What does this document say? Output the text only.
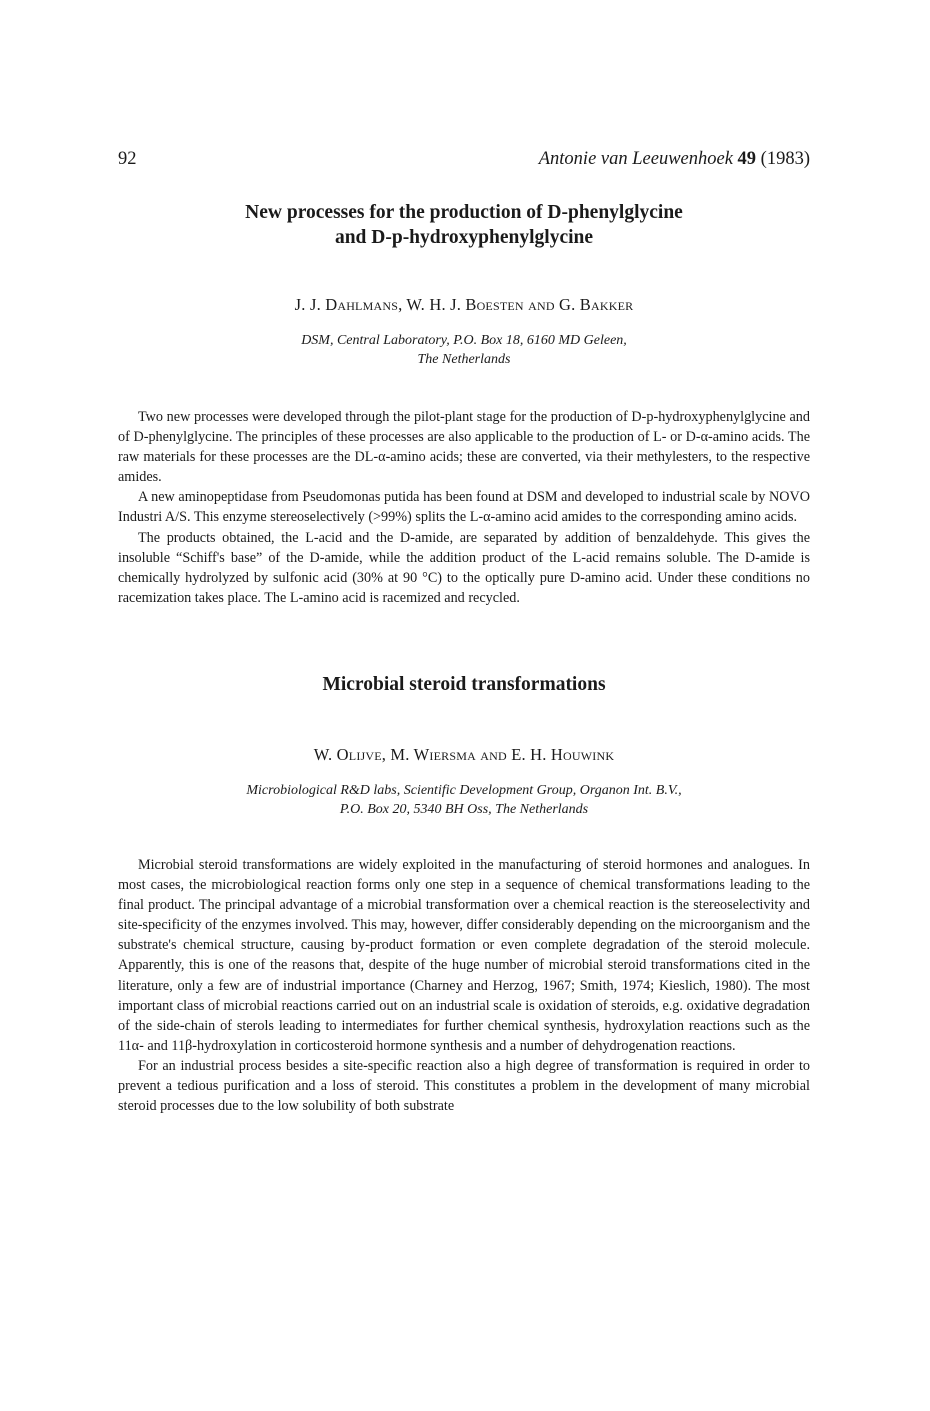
92	Antonie van Leeuwenhoek 49 (1983)
New processes for the production of D-phenylglycine
and D-p-hydroxyphenylglycine
J. J. Dahlmans, W. H. J. Boesten and G. Bakker
DSM, Central Laboratory, P.O. Box 18, 6160 MD Geleen,
The Netherlands

Two new processes were developed through the pilot-plant stage for the production of D-p-hydroxyphenylglycine and of D-phenylglycine. The principles of these processes are also applicable to the production of L- or D-α-amino acids. The raw materials for these processes are the DL-α-amino acids; these are converted, via their methylesters, to the respective amides.

A new aminopeptidase from Pseudomonas putida has been found at DSM and developed to industrial scale by NOVO Industri A/S. This enzyme stereoselectively (>99%) splits the L-α-amino acid amides to the corresponding amino acids.

The products obtained, the L-acid and the D-amide, are separated by addition of benzaldehyde. This gives the insoluble “Schiff's base” of the D-amide, while the addition product of the L-acid remains soluble. The D-amide is chemically hydrolyzed by sulfonic acid (30% at 90 °C) to the optically pure D-amino acid. Under these conditions no racemization takes place. The L-amino acid is racemized and recycled.

Microbial steroid transformations
W. Olijve, M. Wiersma and E. H. Houwink
Microbiological R&D labs, Scientific Development Group, Organon Int. B.V.,
P.O. Box 20, 5340 BH Oss, The Netherlands

Microbial steroid transformations are widely exploited in the manufacturing of steroid hormones and analogues. In most cases, the microbiological reaction forms only one step in a sequence of chemical transformations leading to the final product. The principal advantage of a microbial transformation over a chemical reaction is the stereoselectivity and site-specificity of the enzymes involved. This may, however, differ considerably depending on the microorganism and the substrate's chemical structure, causing by-product formation or even complete degradation of the steroid molecule. Apparently, this is one of the reasons that, despite of the huge number of microbial steroid transformations cited in the literature, only a few are of industrial importance (Charney and Herzog, 1967; Smith, 1974; Kieslich, 1980). The most important class of microbial reactions carried out on an industrial scale is oxidation of steroids, e.g. oxidative degradation of the side-chain of sterols leading to intermediates for further chemical synthesis, hydroxylation reactions such as the 11α- and 11β-hydroxylation in corticosteroid hormone synthesis and a number of dehydrogenation reactions.

For an industrial process besides a site-specific reaction also a high degree of transformation is required in order to prevent a tedious purification and a loss of steroid. This constitutes a problem in the development of many microbial steroid processes due to the low solubility of both substrate
